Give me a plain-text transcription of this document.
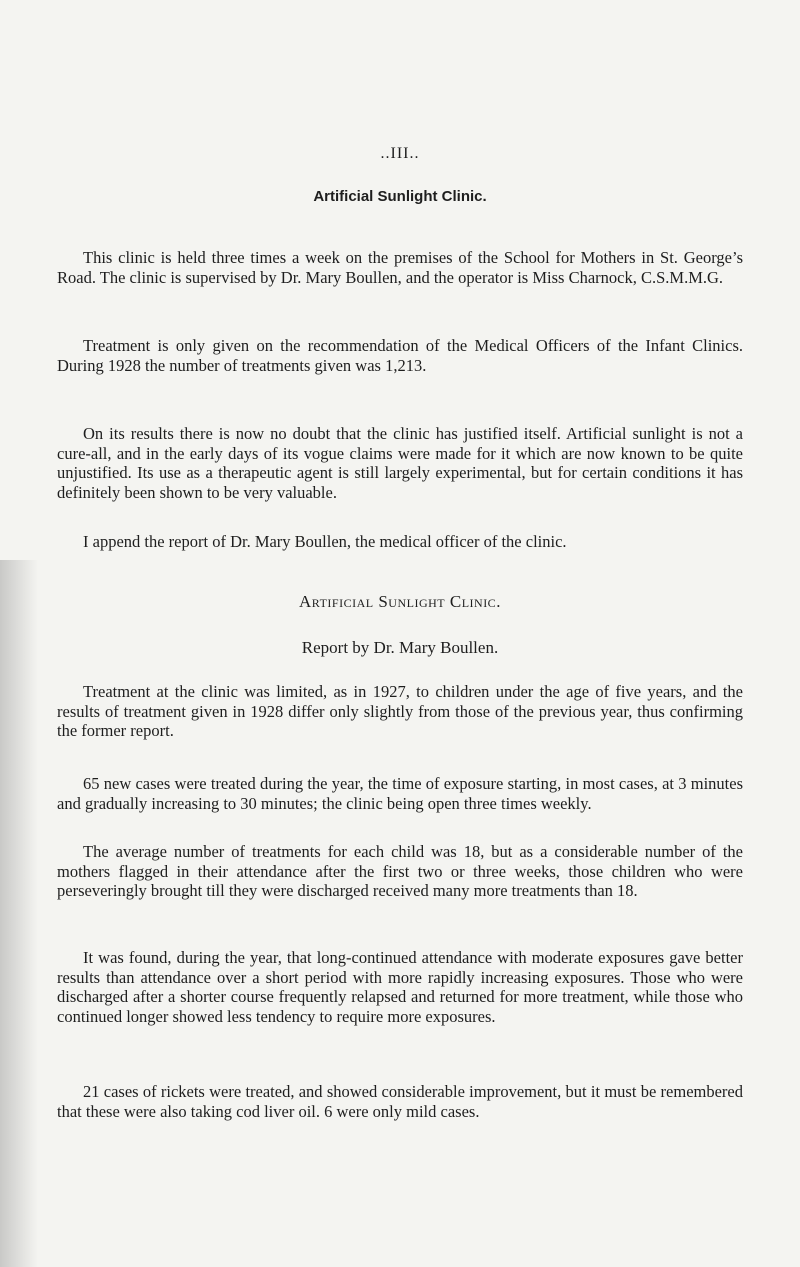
..III..
Artificial Sunlight Clinic.

This clinic is held three times a week on the premises of the School for Mothers in St. George’s Road. The clinic is supervised by Dr. Mary Boullen, and the operator is Miss Charnock, C.S.M.M.G.

Treatment is only given on the recommendation of the Medical Officers of the Infant Clinics. During 1928 the number of treatments given was 1,213.

On its results there is now no doubt that the clinic has justified itself. Artificial sunlight is not a cure-all, and in the early days of its vogue claims were made for it which are now known to be quite unjustified. Its use as a therapeutic agent is still largely experimental, but for certain conditions it has definitely been shown to be very valuable.

I append the report of Dr. Mary Boullen, the medical officer of the clinic.

Artificial Sunlight Clinic.

Report by Dr. Mary Boullen.

Treatment at the clinic was limited, as in 1927, to children under the age of five years, and the results of treatment given in 1928 differ only slightly from those of the previous year, thus confirming the former report.

65 new cases were treated during the year, the time of exposure starting, in most cases, at 3 minutes and gradually increasing to 30 minutes; the clinic being open three times weekly.

The average number of treatments for each child was 18, but as a considerable number of the mothers flagged in their attendance after the first two or three weeks, those children who were perseveringly brought till they were discharged received many more treatments than 18.

It was found, during the year, that long-continued attendance with moderate exposures gave better results than attendance over a short period with more rapidly increasing exposures. Those who were discharged after a shorter course frequently relapsed and returned for more treatment, while those who continued longer showed less tendency to require more exposures.

21 cases of rickets were treated, and showed considerable improvement, but it must be remembered that these were also taking cod liver oil. 6 were only mild cases.
